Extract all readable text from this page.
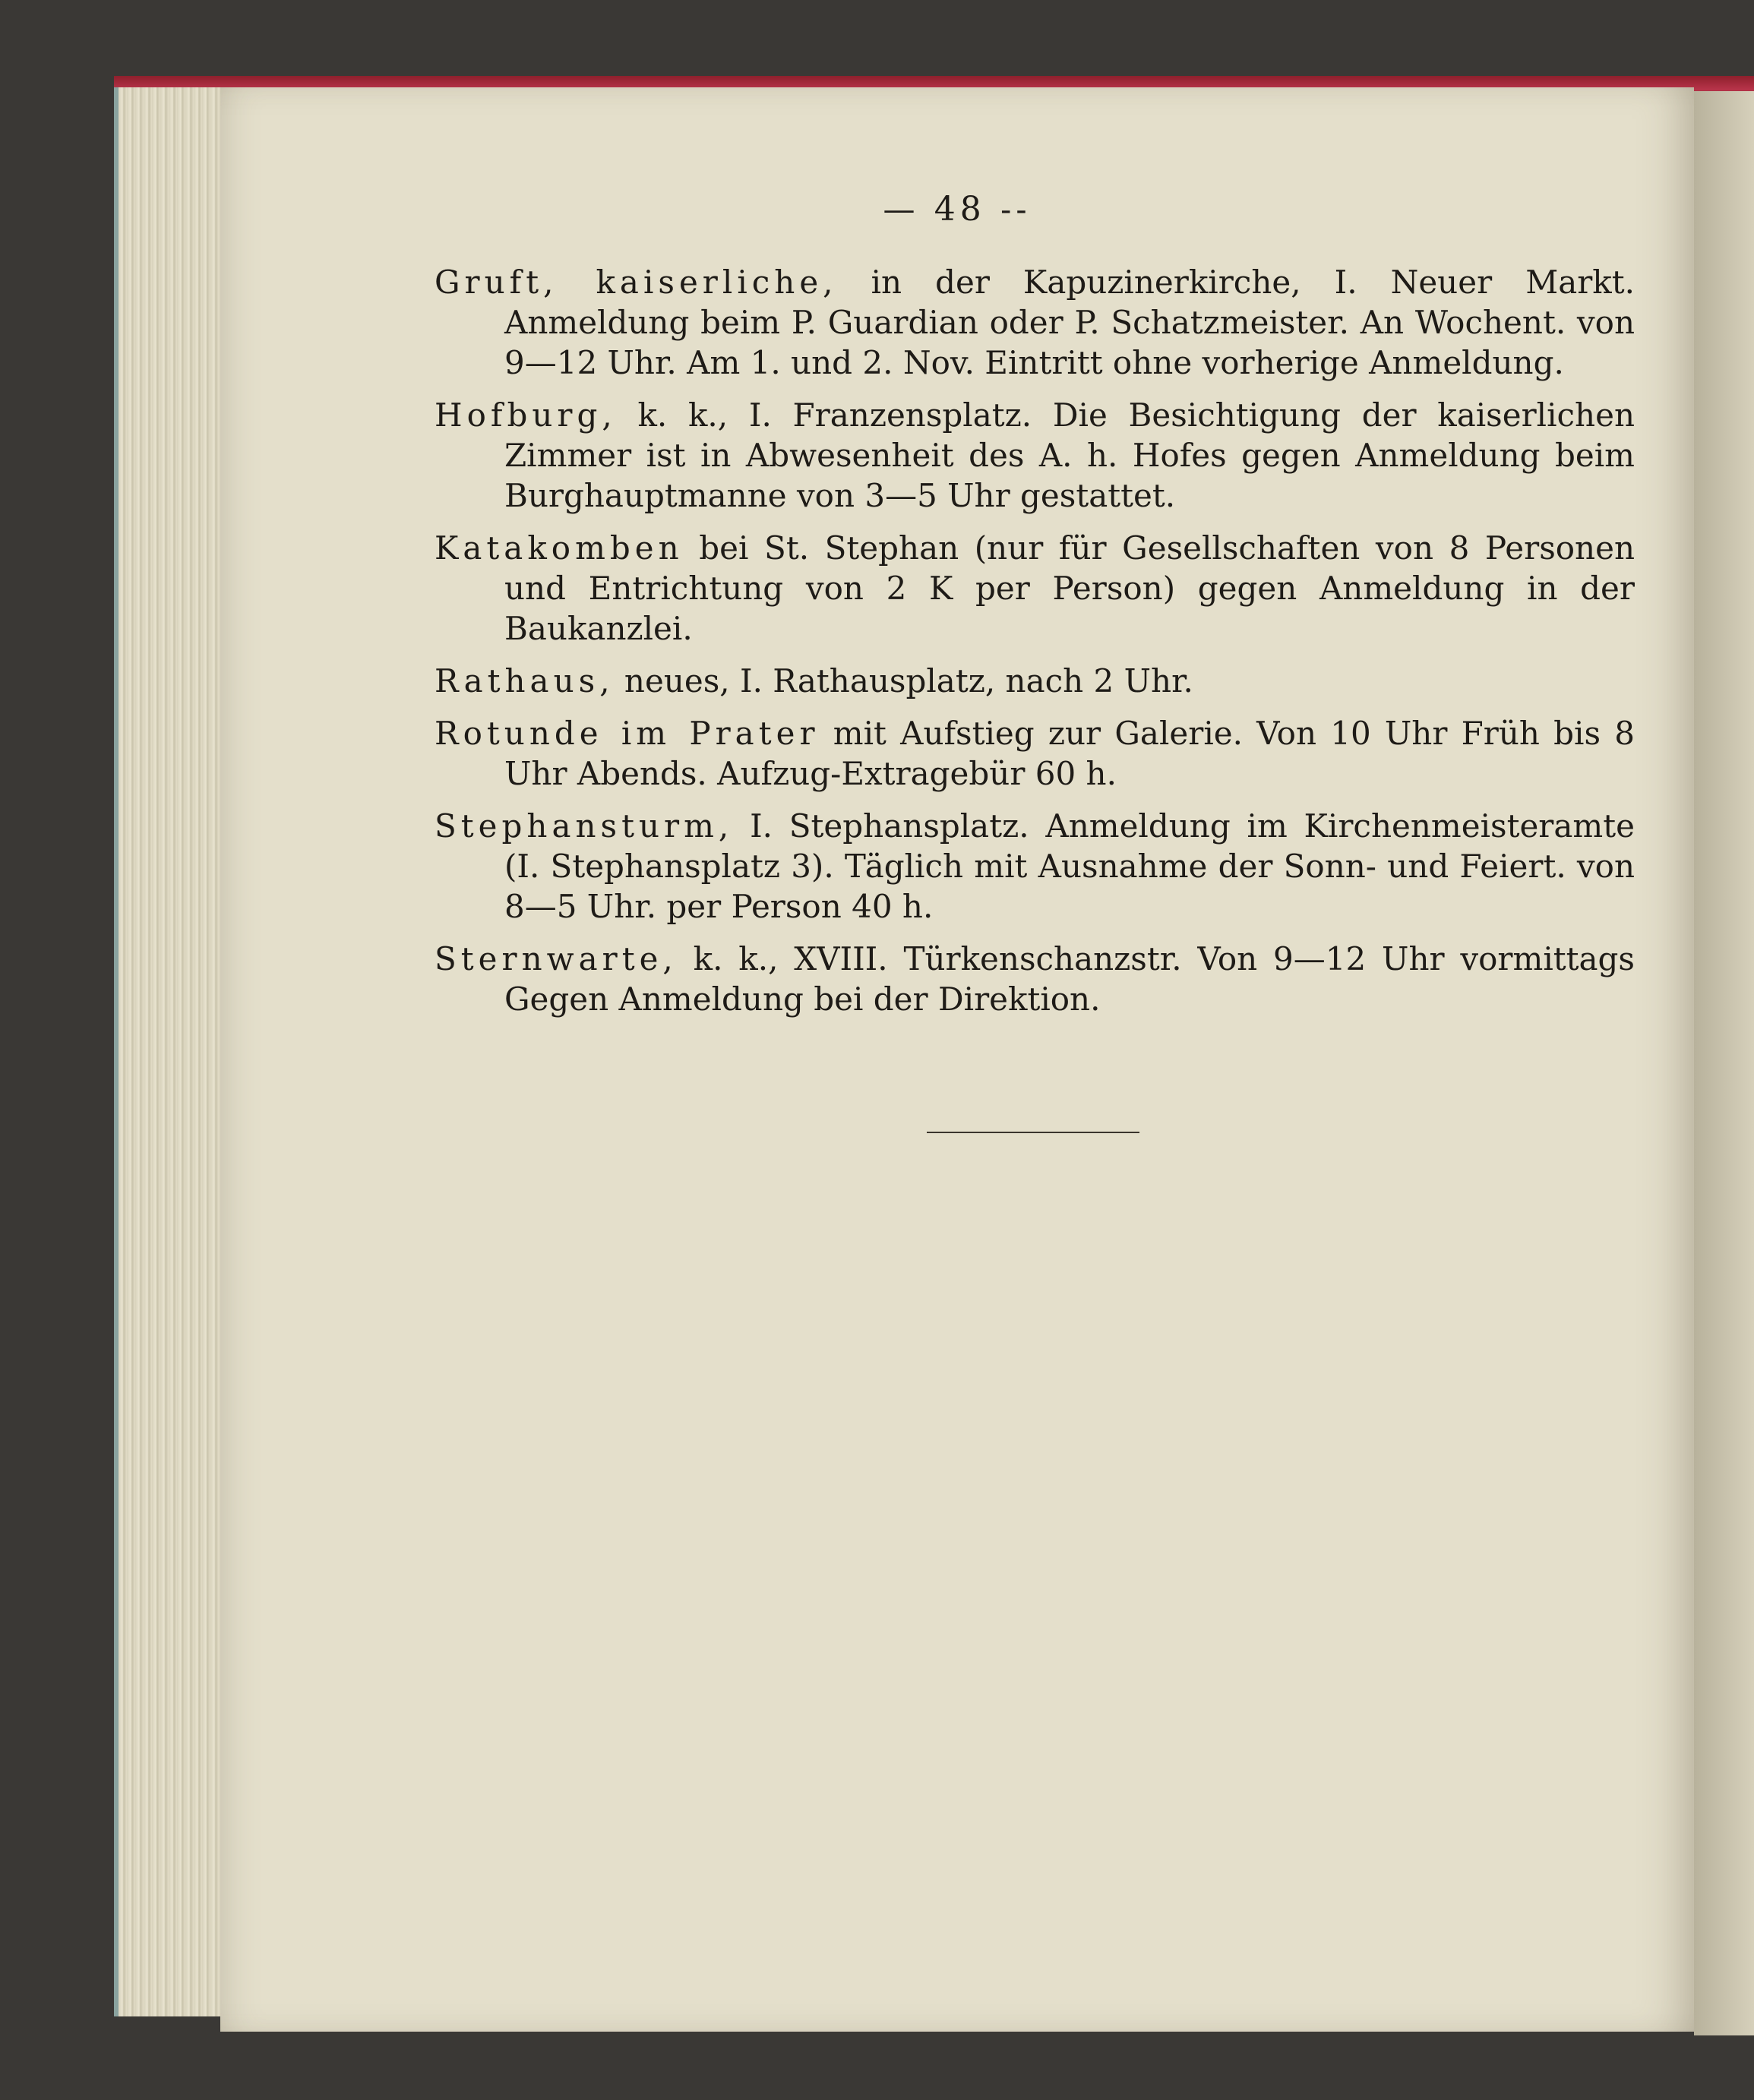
— 48 --

Gruft, kaiserliche, in der Kapuzinerkirche, I. Neuer Markt. Anmeldung beim P. Guardian oder P. Schatzmeister. An Wochent. von 9—12 Uhr. Am 1. und 2. Nov. Eintritt ohne vorherige Anmeldung.

Hofburg, k. k., I. Franzensplatz. Die Besichtigung der kaiserlichen Zimmer ist in Abwesenheit des A. h. Hofes gegen Anmeldung beim Burghauptmanne von 3—5 Uhr gestattet.

Katakomben bei St. Stephan (nur für Gesellschaften von 8 Personen und Entrichtung von 2 K per Person) gegen Anmeldung in der Baukanzlei.

Rathaus, neues, I. Rathausplatz, nach 2 Uhr.

Rotunde im Prater mit Aufstieg zur Galerie. Von 10 Uhr Früh bis 8 Uhr Abends. Aufzug-Extragebür 60 h.

Stephansturm, I. Stephansplatz. Anmeldung im Kirchenmeisteramte (I. Stephansplatz 3). Täglich mit Ausnahme der Sonn- und Feiert. von 8—5 Uhr. per Person 40 h.

Sternwarte, k. k., XVIII. Türkenschanzstr. Von 9—12 Uhr vormittags Gegen Anmeldung bei der Direktion.
